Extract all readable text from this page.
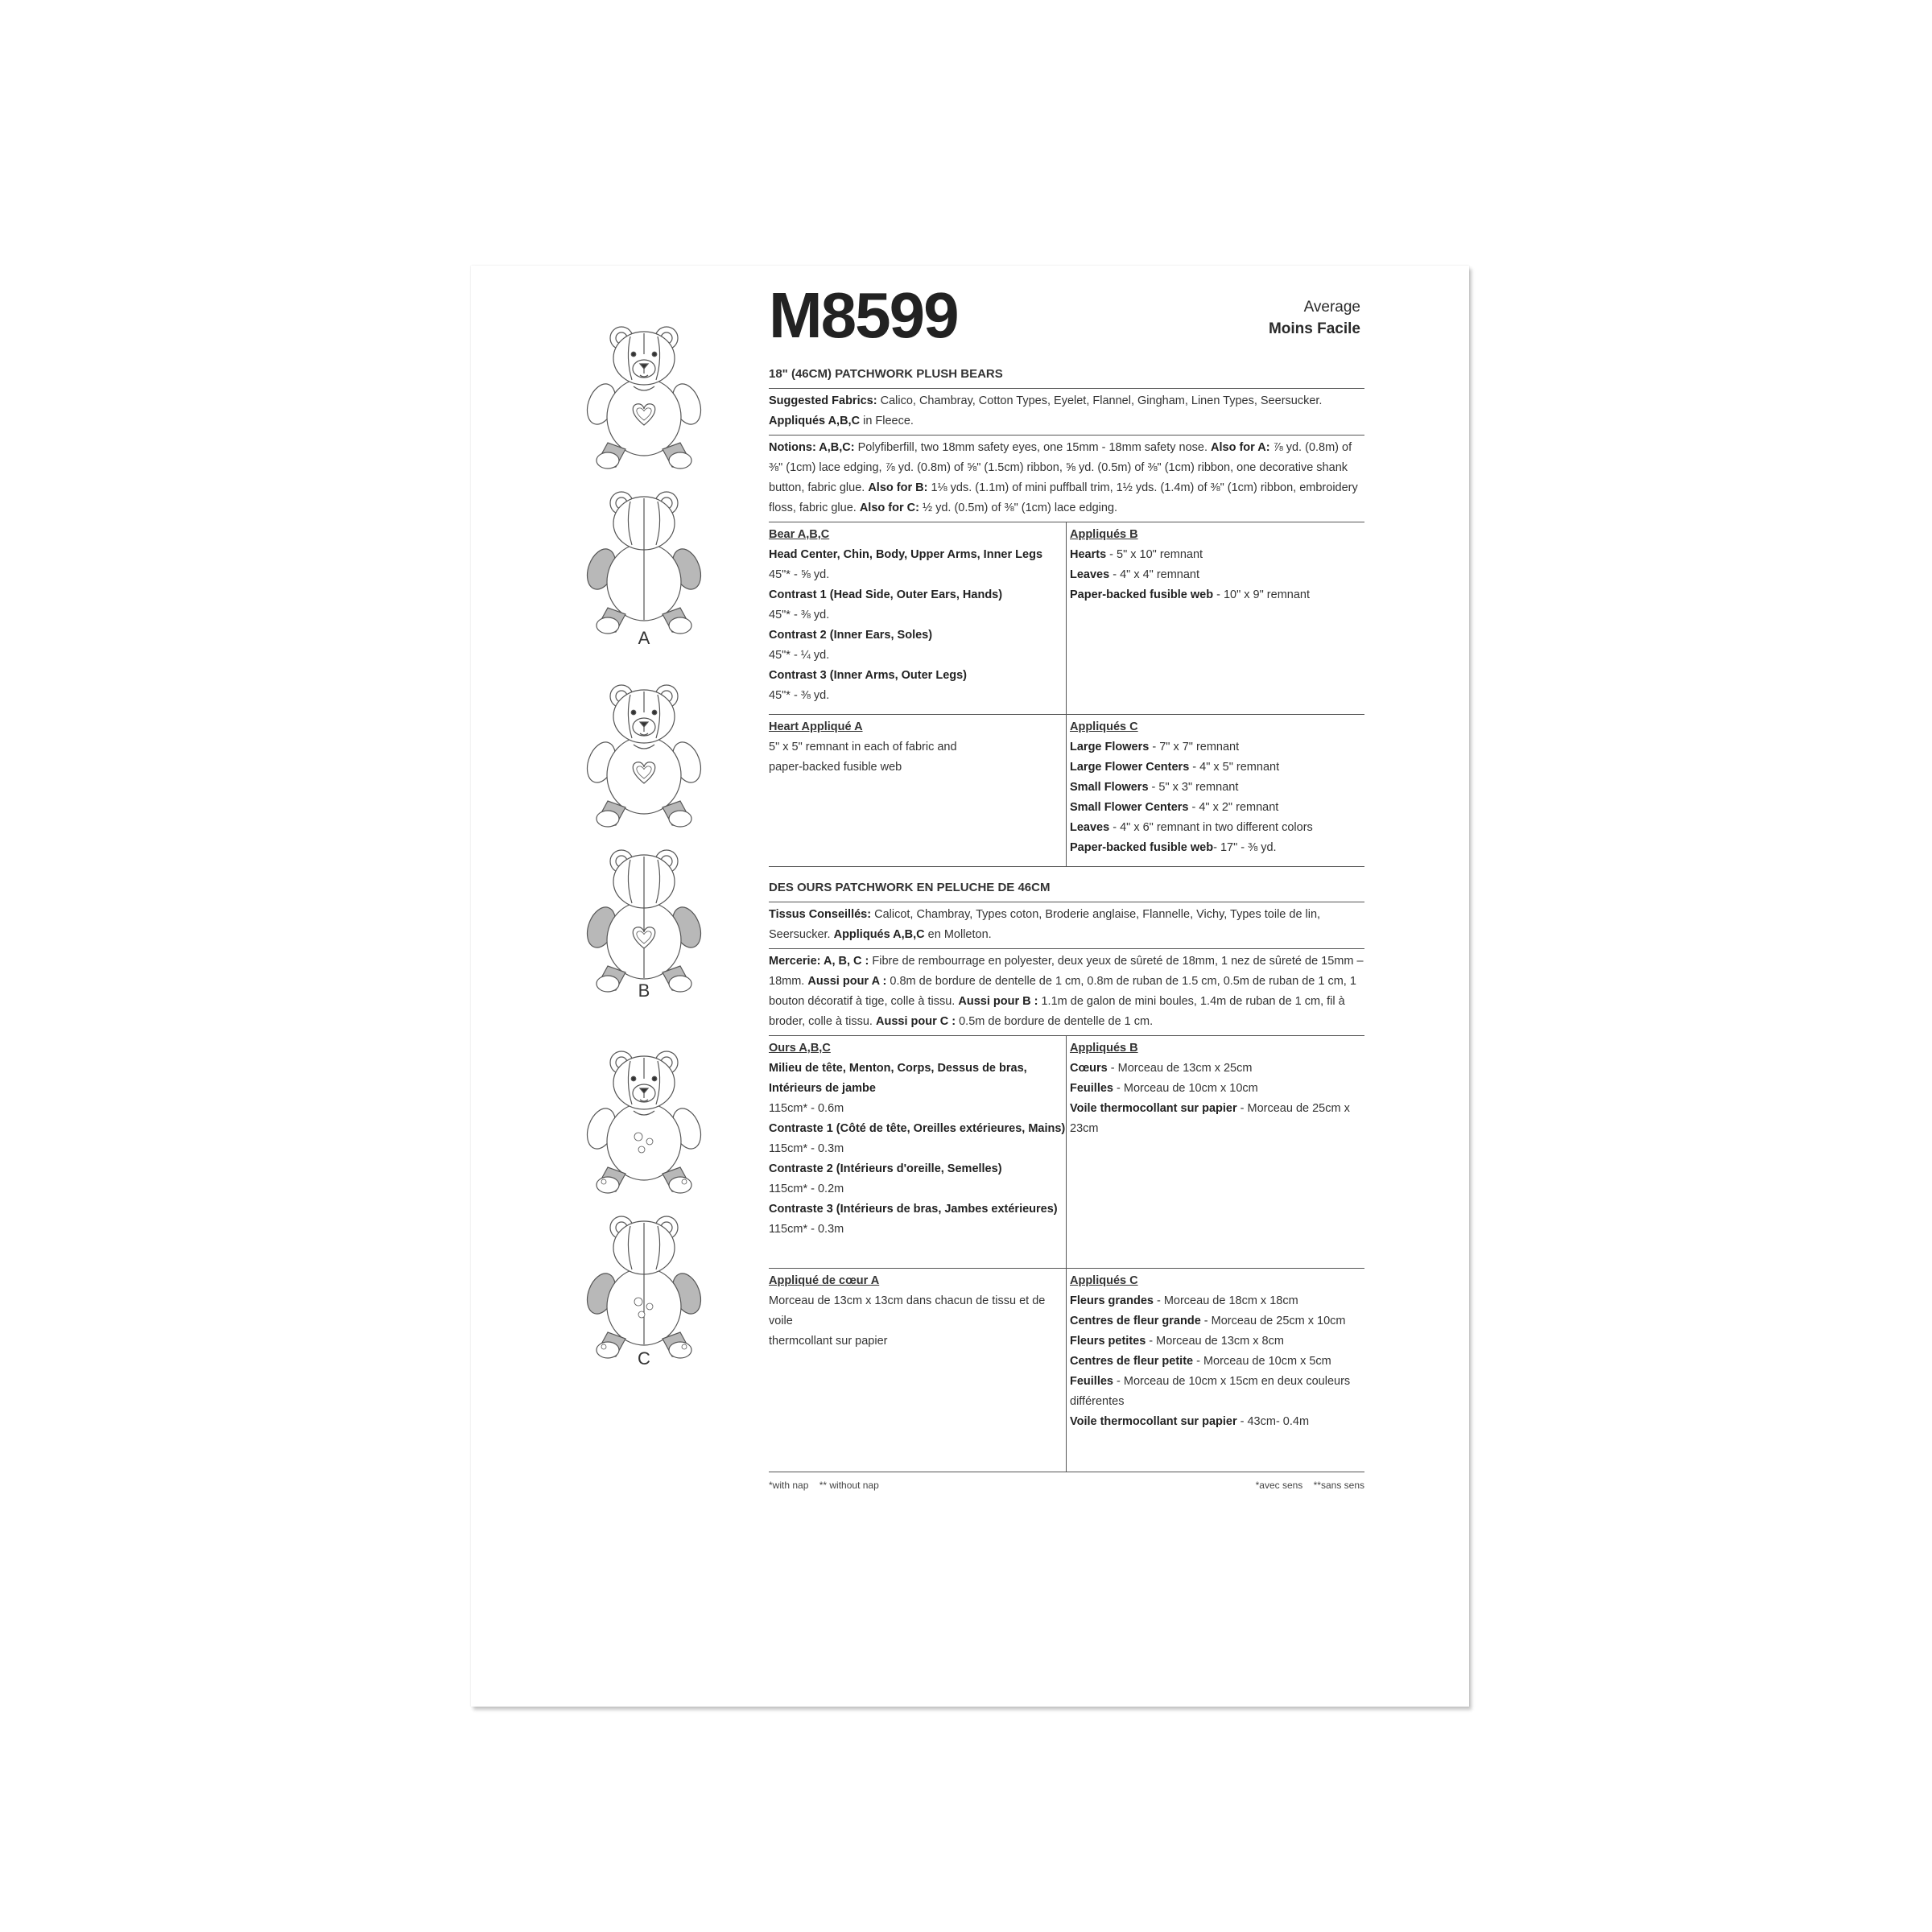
A
B
C
M8599	Average
Moins Facile
18" (46CM) PATCHWORK PLUSH BEARS
Suggested Fabrics: Calico, Chambray, Cotton Types, Eyelet, Flannel, Gingham, Linen Types, Seersucker. Appliqués A,B,C in Fleece.
Notions: A,B,C: Polyfiberfill, two 18mm safety eyes, one 15mm - 18mm safety nose. Also for A: ⅞ yd. (0.8m) of ⅜" (1cm) lace edging, ⅞ yd. (0.8m) of ⅝" (1.5cm) ribbon, ⅝ yd. (0.5m) of ⅜" (1cm) ribbon, one decorative shank button, fabric glue. Also for B: 1⅛ yds. (1.1m) of mini puffball trim, 1½ yds. (1.4m) of ⅜" (1cm) ribbon, embroidery floss, fabric glue. Also for C: ½ yd. (0.5m) of ⅜" (1cm) lace edging.
Bear A,B,C
Head Center, Chin, Body, Upper Arms, Inner Legs
45"* - ⅝ yd.
Contrast 1 (Head Side, Outer Ears, Hands)
45"* - ⅜ yd.
Contrast 2 (Inner Ears, Soles)
45"* - ¼ yd.
Contrast 3 (Inner Arms, Outer Legs)
45"* - ⅜ yd.
Appliqués B
Hearts - 5" x 10" remnant
Leaves - 4" x 4" remnant
Paper-backed fusible web - 10" x 9" remnant
Heart Appliqué A
5" x 5" remnant in each of fabric and
paper-backed fusible web
Appliqués C
Large Flowers - 7" x 7" remnant
Large Flower Centers - 4" x 5" remnant
Small Flowers - 5" x 3" remnant
Small Flower Centers - 4" x 2" remnant
Leaves - 4" x 6" remnant in two different colors
Paper-backed fusible web- 17" - ⅜ yd.
DES OURS PATCHWORK EN PELUCHE DE 46CM
Tissus Conseillés: Calicot, Chambray, Types coton, Broderie anglaise, Flannelle, Vichy, Types toile de lin, Seersucker. Appliqués A,B,C en Molleton.
Mercerie: A, B, C : Fibre de rembourrage en polyester, deux yeux de sûreté de 18mm, 1 nez de sûreté de 15mm – 18mm. Aussi pour A : 0.8m de bordure de dentelle de 1 cm, 0.8m de ruban de 1.5 cm, 0.5m de ruban de 1 cm, 1 bouton décoratif à tige, colle à tissu. Aussi pour B : 1.1m de galon de mini boules, 1.4m de ruban de 1 cm, fil à broder, colle à tissu. Aussi pour C : 0.5m de bordure de dentelle de 1 cm.
Ours A,B,C
Milieu de tête, Menton, Corps, Dessus de bras, Intérieurs de jambe
115cm* - 0.6m
Contraste 1 (Côté de tête, Oreilles extérieures, Mains)
115cm* - 0.3m
Contraste 2 (Intérieurs d'oreille, Semelles)
115cm* - 0.2m
Contraste 3 (Intérieurs de bras, Jambes extérieures)
115cm* - 0.3m
Appliqués B
Cœurs - Morceau de 13cm x 25cm
Feuilles - Morceau de 10cm x 10cm
Voile thermocollant sur papier - Morceau de 25cm x 23cm
Appliqué de cœur A
Morceau de 13cm x 13cm dans chacun de tissu et de voile
thermcollant sur papier
Appliqués C
Fleurs grandes - Morceau de 18cm x 18cm
Centres de fleur grande - Morceau de 25cm x 10cm
Fleurs petites - Morceau de 13cm x 8cm
Centres de fleur petite - Morceau de 10cm x 5cm
Feuilles - Morceau de 10cm x 15cm en deux couleurs différentes
Voile thermocollant sur papier - 43cm- 0.4m
*with nap    ** without nap	*avec sens    **sans sens
